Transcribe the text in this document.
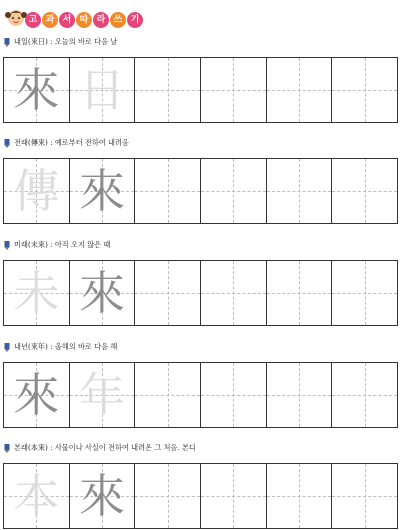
고 과 서 따 라 쓰 기
내일(來日) : 오늘의 바로 다음 날
來 日
전래(傳來) : 예로부터 전하여 내려옴
傳 來
미래(未來) : 아직 오지 않은 때
未 來
내년(來年) : 올해의 바로 다음 해
來 年
본래(本來) : 사물이나 사실이 전하여 내려온 그 처음. 본디
本 來
